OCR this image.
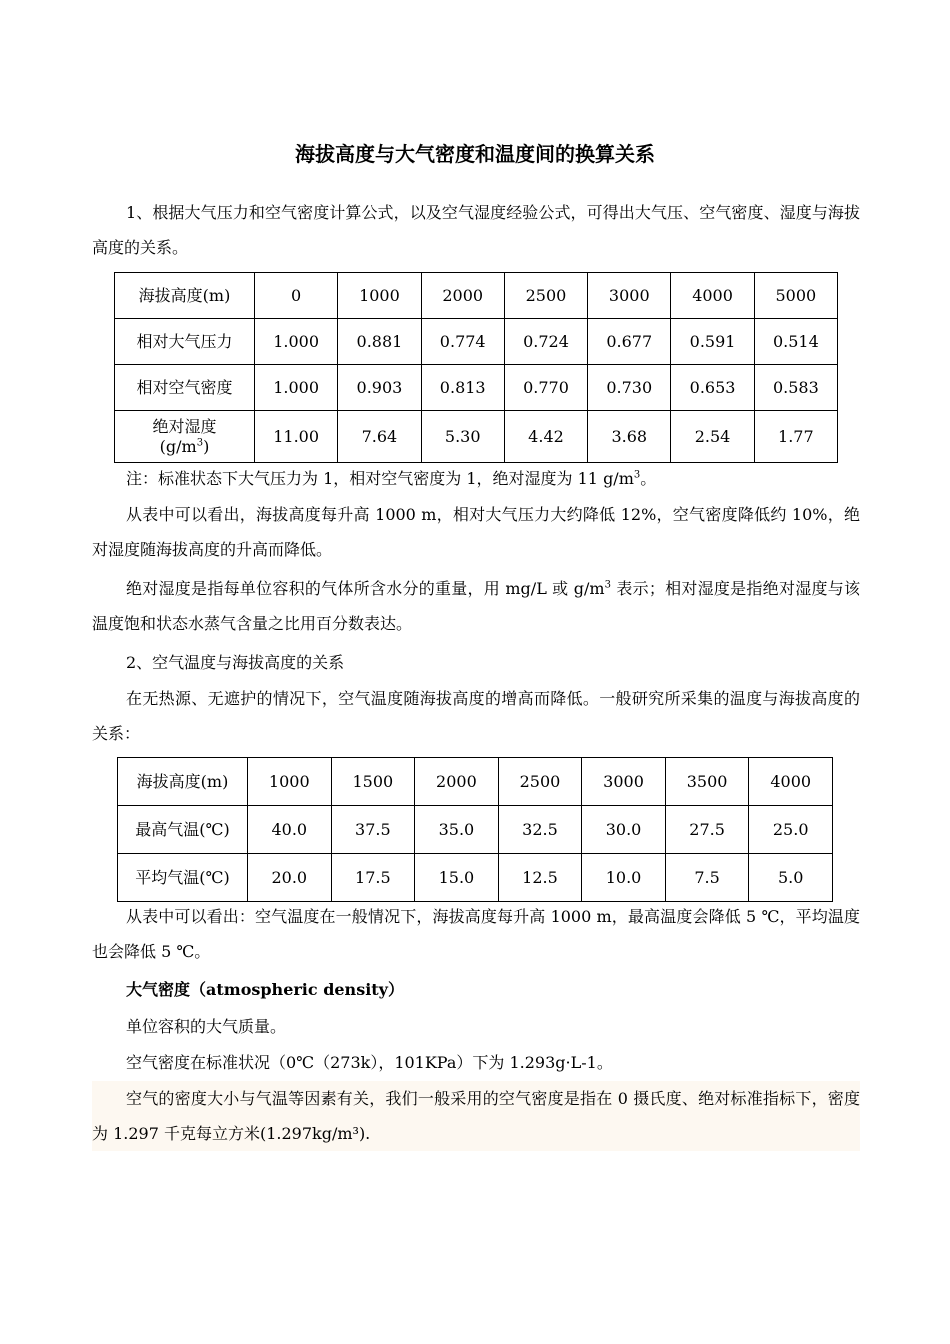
海拔高度与大气密度和温度间的换算关系

1、根据大气压力和空气密度计算公式，以及空气湿度经验公式，可得出大气压、空气密度、湿度与海拔高度的关系。

海拔高度(m)	0	1000	2000	2500	3000	4000	5000
相对大气压力	1.000	0.881	0.774	0.724	0.677	0.591	0.514
相对空气密度	1.000	0.903	0.813	0.770	0.730	0.653	0.583
绝对湿度
$(g/m^3)$	11.00	7.64	5.30	4.42	3.68	2.54	1.77

注：标准状态下大气压力为 1，相对空气密度为 1，绝对湿度为 11 $g/m^3$。

从表中可以看出，海拔高度每升高 1000 m，相对大气压力大约降低 12%，空气密度降低约 10%，绝对湿度随海拔高度的升高而降低。

绝对湿度是指每单位容积的气体所含水分的重量，用 mg/L 或 $g/m^3$ 表示；相对湿度是指绝对湿度与该温度饱和状态水蒸气含量之比用百分数表达。

2、空气温度与海拔高度的关系

在无热源、无遮护的情况下，空气温度随海拔高度的增高而降低。一般研究所采集的温度与海拔高度的关系：

海拔高度(m)	1000	1500	2000	2500	3000	3500	4000
最高气温(℃)	40.0	37.5	35.0	32.5	30.0	27.5	25.0
平均气温(℃)	20.0	17.5	15.0	12.5	10.0	7.5	5.0

从表中可以看出：空气温度在一般情况下，海拔高度每升高 1000 m，最高温度会降低 5 ℃，平均温度也会降低 5 ℃。

大气密度（atmospheric density）

单位容积的大气质量。

空气密度在标准状况（0℃（273k），101KPa）下为 1.293g·L-1。

空气的密度大小与气温等因素有关，我们一般采用的空气密度是指在 0 摄氏度、绝对标准指标下，密度为 1.297 千克每立方米(1.297kg/m³).
